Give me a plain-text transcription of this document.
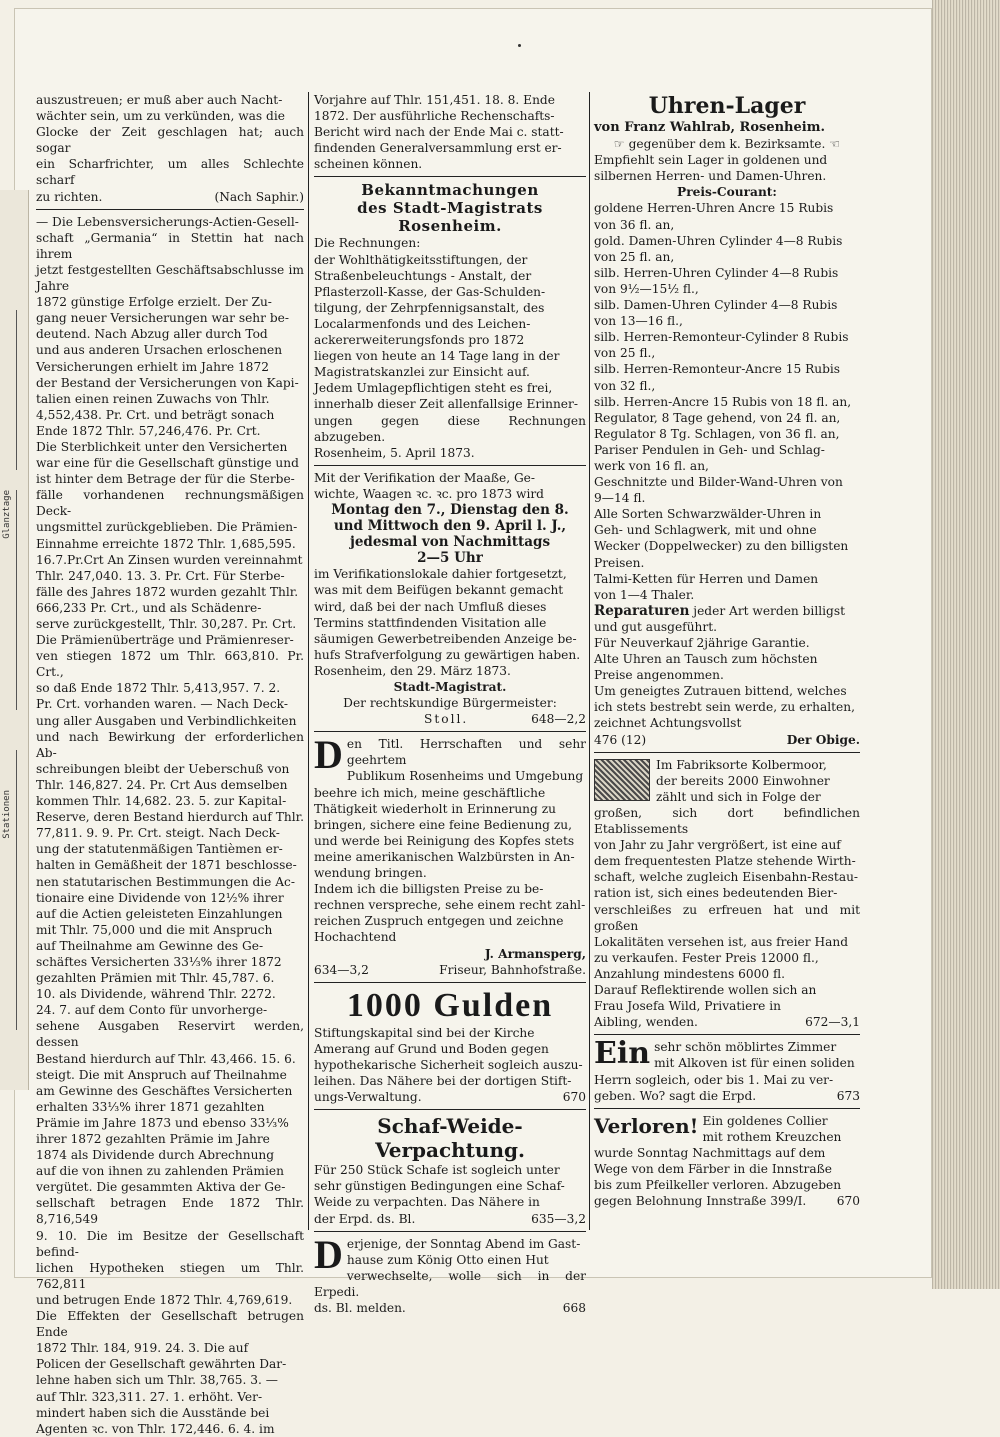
Glanztage
Stationen

auszustreuen; er muß aber auch Nacht-

wächter sein, um zu verkünden, was die

Glocke der Zeit geschlagen hat; auch sogar

ein Scharfrichter, um alles Schlechte scharf

zu richten.	(Nach Saphir.)
— Die Lebensversicherungs-Actien-Gesell-
schaft „Germania“ in Stettin hat nach ihrem
jetzt festgestellten Geschäftsabschlusse im Jahre
1872 günstige Erfolge erzielt. Der Zu-
gang neuer Versicherungen war sehr be-
deutend. Nach Abzug aller durch Tod
und aus anderen Ursachen erloschenen
Versicherungen erhielt im Jahre 1872
der Bestand der Versicherungen von Kapi-
talien einen reinen Zuwachs von Thlr.
4,552,438. Pr. Crt. und beträgt sonach
Ende 1872 Thlr. 57,246,476. Pr. Crt.
Die Sterblichkeit unter den Versicherten
war eine für die Gesellschaft günstige und
ist hinter dem Betrage der für die Sterbe-
fälle vorhandenen rechnungsmäßigen Deck-
ungsmittel zurückgeblieben. Die Prämien-
Einnahme erreichte 1872 Thlr. 1,685,595.
16.7.Pr.Crt An Zinsen wurden vereinnahmt
Thlr. 247,040. 13. 3. Pr. Crt. Für Sterbe-
fälle des Jahres 1872 wurden gezahlt Thlr.
666,233 Pr. Crt., und als Schädenre-
serve zurückgestellt, Thlr. 30,287. Pr. Crt.
Die Prämienüberträge und Prämienreser-
ven stiegen 1872 um Thlr. 663,810. Pr. Crt.,
so daß Ende 1872 Thlr. 5,413,957. 7. 2.
Pr. Crt. vorhanden waren. — Nach Deck-
ung aller Ausgaben und Verbindlichkeiten
und nach Bewirkung der erforderlichen Ab-
schreibungen bleibt der Ueberschuß von
Thlr. 146,827. 24. Pr. Crt Aus demselben
kommen Thlr. 14,682. 23. 5. zur Kapital-
Reserve, deren Bestand hierdurch auf Thlr.
77,811. 9. 9. Pr. Crt. steigt. Nach Deck-
ung der statutenmäßigen Tantièmen er-
halten in Gemäßheit der 1871 beschlosse-
nen statutarischen Bestimmungen die Ac-
tionaire eine Dividende von 12½% ihrer
auf die Actien geleisteten Einzahlungen
mit Thlr. 75,000 und die mit Anspruch
auf Theilnahme am Gewinne des Ge-
schäftes Versicherten 33⅓% ihrer 1872
gezahlten Prämien mit Thlr. 45,787. 6.
10. als Dividende, während Thlr. 2272.
24. 7. auf dem Conto für unvorherge-
sehene Ausgaben Reservirt werden, dessen
Bestand hierdurch auf Thlr. 43,466. 15. 6.
steigt. Die mit Anspruch auf Theilnahme
am Gewinne des Geschäftes Versicherten
erhalten 33⅓% ihrer 1871 gezahlten
Prämie im Jahre 1873 und ebenso 33⅓%
ihrer 1872 gezahlten Prämie im Jahre
1874 als Dividende durch Abrechnung
auf die von ihnen zu zahlenden Prämien
vergütet. Die gesammten Aktiva der Ge-
sellschaft betragen Ende 1872 Thlr. 8,716,549
9. 10. Die im Besitze der Gesellschaft befind-
lichen Hypotheken stiegen um Thlr. 762,811
und betrugen Ende 1872 Thlr. 4,769,619.
Die Effekten der Gesellschaft betrugen Ende
1872 Thlr. 184, 919. 24. 3. Die auf
Policen der Gesellschaft gewährten Dar-
lehne haben sich um Thlr. 38,765. 3. —
auf Thlr. 323,311. 27. 1. erhöht. Ver-
mindert haben sich die Ausstände bei
Agenten ꝛc. von Thlr. 172,446. 6. 4. im
Vorjahre auf Thlr. 151,451. 18. 8. Ende
1872. Der ausführliche Rechenschafts-
Bericht wird nach der Ende Mai c. statt-
findenden Generalversammlung erst er-
scheinen können.
Bekanntmachungen
des Stadt-Magistrats Rosenheim.
Die Rechnungen:
der Wohlthätigkeitsstiftungen, der
Straßenbeleuchtungs - Anstalt, der
Pflasterzoll-Kasse, der Gas-Schulden-
tilgung, der Zehrpfennigsanstalt, des
Localarmenfonds und des Leichen-
ackererweiterungsfonds pro 1872
liegen von heute an 14 Tage lang in der
Magistratskanzlei zur Einsicht auf.
Jedem Umlagepflichtigen steht es frei,
innerhalb dieser Zeit allenfallsige Erinner-
ungen gegen diese Rechnungen abzugeben.
Rosenheim, 5. April 1873.
Mit der Verifikation der Maaße, Ge-
wichte, Waagen ꝛc. ꝛc. pro 1873 wird
Montag den 7., Dienstag den 8.
und Mittwoch den 9. April l. J.,
jedesmal von Nachmittags
2—5 Uhr
im Verifikationslokale dahier fortgesetzt,
was mit dem Beifügen bekannt gemacht
wird, daß bei der nach Umfluß dieses
Termins stattfindenden Visitation alle
säumigen Gewerbetreibenden Anzeige be-
hufs Strafverfolgung zu gewärtigen haben.
Rosenheim, den 29. März 1873.
Stadt-Magistrat.
Der rechtskundige Bürgermeister:
Stoll.	648—2,2
D en Titl. Herrschaften und sehr geehrtem
Publikum Rosenheims und Umgebung
beehre ich mich, meine geschäftliche
Thätigkeit wiederholt in Erinnerung zu
bringen, sichere eine feine Bedienung zu,
und werde bei Reinigung des Kopfes stets
meine amerikanischen Walzbürsten in An-
wendung bringen.
Indem ich die billigsten Preise zu be-
rechnen verspreche, sehe einem recht zahl-
reichen Zuspruch entgegen und zeichne
Hochachtend
J. Armansperg,
634—3,2	Friseur, Bahnhofstraße.
1000 Gulden
Stiftungskapital sind bei der Kirche
Amerang auf Grund und Boden gegen
hypothekarische Sicherheit sogleich auszu-
leihen. Das Nähere bei der dortigen Stift-
ungs-Verwaltung.	670
Schaf-Weide-Verpachtung.
Für 250 Stück Schafe ist sogleich unter
sehr günstigen Bedingungen eine Schaf-
Weide zu verpachten. Das Nähere in
der Erpd. ds. Bl.	635—3,2
D erjenige, der Sonntag Abend im Gast-
hause zum König Otto einen Hut
verwechselte, wolle sich in der Erpedi.
ds. Bl. melden.	668
Uhren-Lager
von Franz Wahlrab, Rosenheim.
☞ gegenüber dem k. Bezirksamte. ☜
Empfiehlt sein Lager in goldenen und
silbernen Herren- und Damen-Uhren.
Preis-Courant:
goldene Herren-Uhren Ancre 15 Rubis
von 36 fl. an,
gold. Damen-Uhren Cylinder 4—8 Rubis
von 25 fl. an,
silb. Herren-Uhren Cylinder 4—8 Rubis
von 9½—15½ fl.,
silb. Damen-Uhren Cylinder 4—8 Rubis
von 13—16 fl.,
silb. Herren-Remonteur-Cylinder 8 Rubis
von 25 fl.,
silb. Herren-Remonteur-Ancre 15 Rubis
von 32 fl.,
silb. Herren-Ancre 15 Rubis von 18 fl. an,
Regulator, 8 Tage gehend, von 24 fl. an,
Regulator 8 Tg. Schlagen, von 36 fl. an,
Pariser Pendulen in Geh- und Schlag-
werk von 16 fl. an,
Geschnitzte und Bilder-Wand-Uhren von
9—14 fl.
Alle Sorten Schwarzwälder-Uhren in
Geh- und Schlagwerk, mit und ohne
Wecker (Doppelwecker) zu den billigsten
Preisen.
Talmi-Ketten für Herren und Damen
von 1—4 Thaler.
Reparaturen jeder Art werden billigst
und gut ausgeführt.
Für Neuverkauf 2jährige Garantie.
Alte Uhren an Tausch zum höchsten
Preise angenommen.
Um geneigtes Zutrauen bittend, welches
ich stets bestrebt sein werde, zu erhalten,
zeichnet Achtungsvollst
476 (12)	Der Obige.
Im Fabriksorte Kolbermoor,
der bereits 2000 Einwohner
zählt und sich in Folge der
großen, sich dort befindlichen Etablissements
von Jahr zu Jahr vergrößert, ist eine auf
dem frequentesten Platze stehende Wirth-
schaft, welche zugleich Eisenbahn-Restau-
ration ist, sich eines bedeutenden Bier-
verschleißes zu erfreuen hat und mit großen
Lokalitäten versehen ist, aus freier Hand
zu verkaufen. Fester Preis 12000 fl.,
Anzahlung mindestens 6000 fl.
Darauf Reflektirende wollen sich an
Frau Josefa Wild, Privatiere in
Aibling, wenden.	672—3,1
Ein sehr schön möblirtes Zimmer
mit Alkoven ist für einen soliden
Herrn sogleich, oder bis 1. Mai zu ver-
geben. Wo? sagt die Erpd.	673
Verloren! Ein goldenes Collier
mit rothem Kreuzchen
wurde Sonntag Nachmittags auf dem
Wege von dem Färber in die Innstraße
bis zum Pfeilkeller verloren. Abzugeben
gegen Belohnung Innstraße 399/I.	670
